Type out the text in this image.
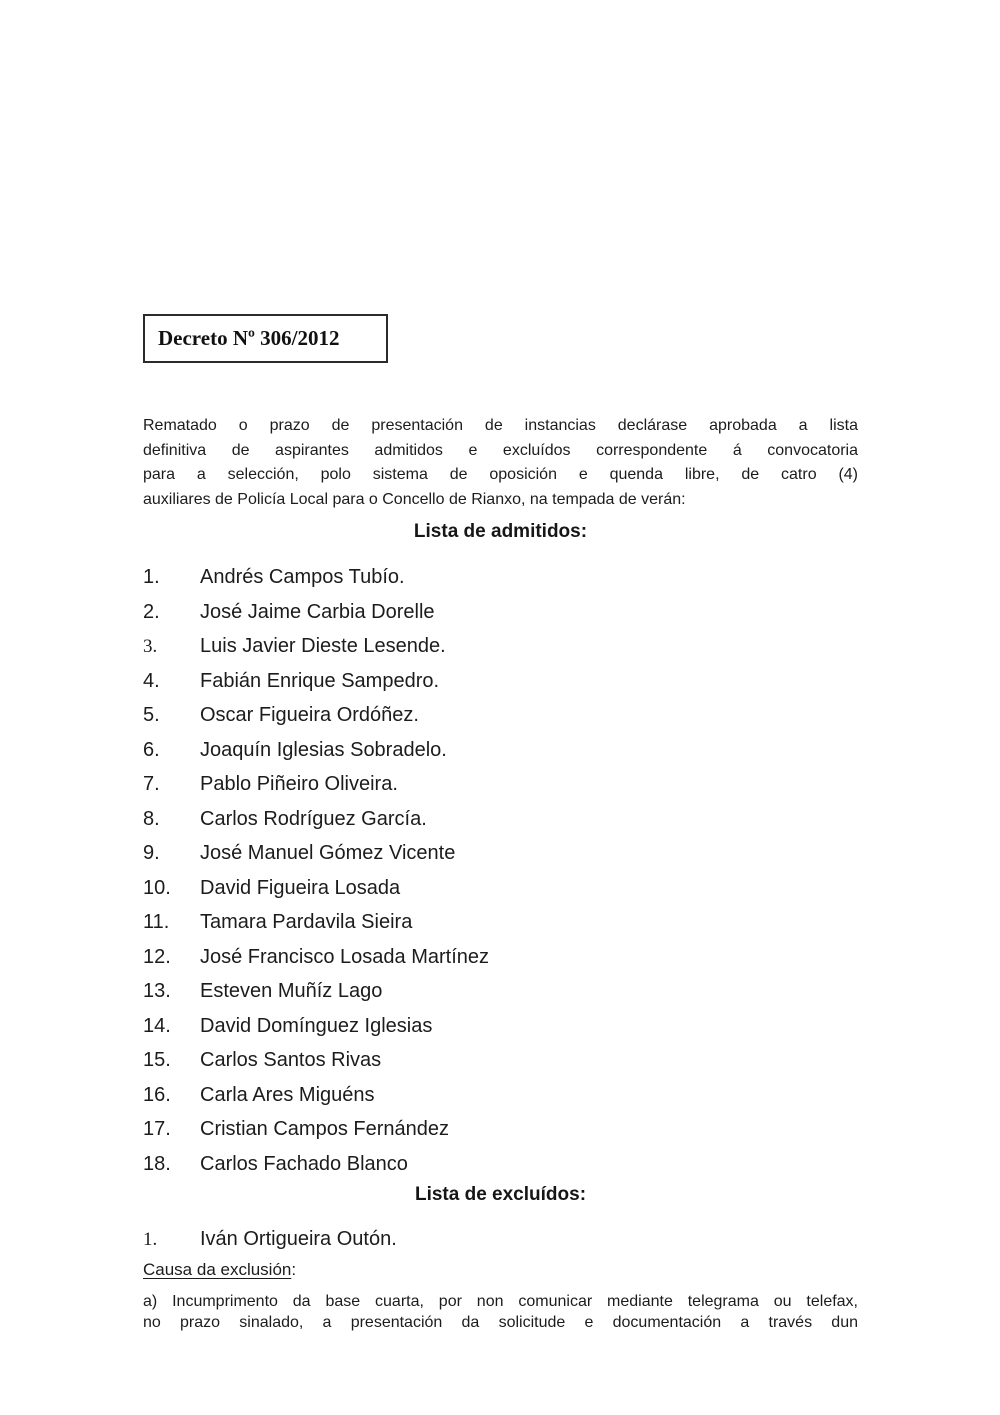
Decreto Nº 306/2012
Rematado o prazo de presentación de instancias declárase aprobada a lista
definitiva de aspirantes admitidos e excluídos correspondente á convocatoria
para a selección, polo sistema de oposición e quenda libre, de catro (4)
auxiliares de Policía Local para o Concello de Rianxo, na tempada de verán:
Lista de admitidos:
1. Andrés Campos Tubío.
2. José Jaime Carbia Dorelle
3. Luis Javier Dieste Lesende.
4. Fabián Enrique Sampedro.
5. Oscar Figueira Ordóñez.
6. Joaquín Iglesias Sobradelo.
7. Pablo Piñeiro Oliveira.
8. Carlos Rodríguez García.
9. José Manuel Gómez Vicente
10. David Figueira Losada
11. Tamara Pardavila Sieira
12. José Francisco Losada Martínez
13. Esteven Muñíz Lago
14. David Domínguez Iglesias
15. Carlos Santos Rivas
16. Carla Ares Miguéns
17. Cristian Campos Fernández
18. Carlos Fachado Blanco
Lista de excluídos:
1. Iván Ortigueira Outón.
Causa da exclusión:
a) Incumprimento da base cuarta, por non comunicar mediante telegrama ou telefax,
no prazo sinalado, a presentación da solicitude e documentación a través dun
